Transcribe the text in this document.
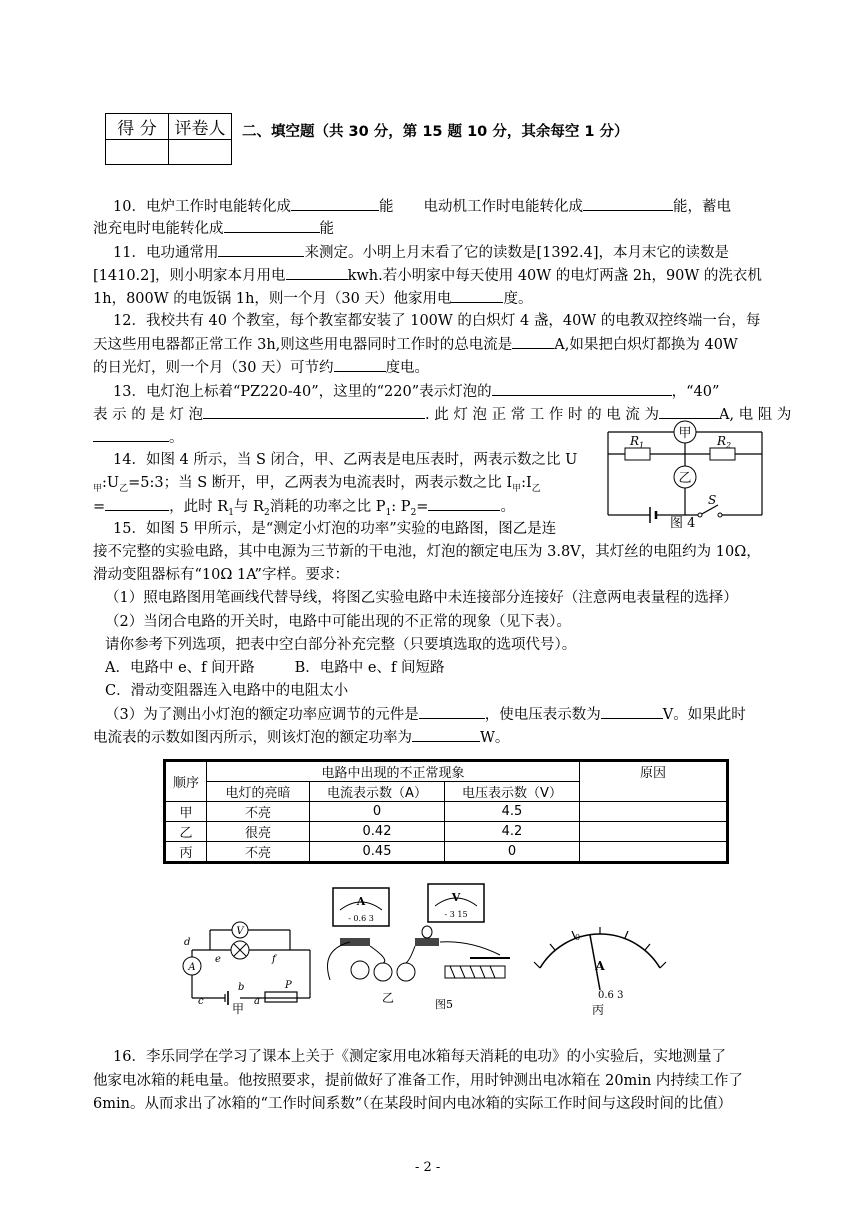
得 分	评卷人
	二、填空题（共 30 分，第 15 题 10 分，其余每空 1 分）
10．电炉工作时电能转化成	能 电动机工作时电能转化成	能，蓄电
池充电时电能转化成	能
11．电功通常用	来测定。小明上月末看了它的读数是[1392.4]，本月末它的读数是
[1410.2]，则小明家本月用电	kwh.若小明家中每天使用 40W 的电灯两盏 2h，90W 的洗衣机
1h，800W 的电饭锅 1h，则一个月（30 天）他家用电	度。
12．我校共有 40 个教室，每个教室都安装了 100W 的白炽灯 4 盏，40W 的电教双控终端一台，每
天这些用电器都正常工作 3h,则这些用电器同时工作时的总电流是	A,如果把白炽灯都换为 40W
的日光灯，则一个月（30 天）可节约	度电。
13．电灯泡上标着“PZ220-40”，这里的“220”表示灯泡的	，“40”
表 示 的 是 灯 泡	. 此 灯 泡 正 常 工 作 时 的 电 流 为	A, 电 阻 为
。
14．如图 4 所示，当 S 闭合，甲、乙两表是电压表时，两表示数之比 U
$_甲:U_乙=5:3$；当 S 断开，甲，乙两表为电流表时，两表示数之比 $I_甲:I_乙$
=	，此时 $R_1$与 $R_2$消耗的功率之比 $P_1$: $P_2=$	。
甲
乙
$R_1$	$R_2$
S
图 4
15．如图 5 甲所示，是“测定小灯泡的功率”实验的电路图，图乙是连
接不完整的实验电路，其中电源为三节新的干电池，灯泡的额定电压为 3.8V，其灯丝的电阻约为 10Ω，
滑动变阻器标有“10Ω 1A”字样。要求：
（1）照电路图用笔画线代替导线，将图乙实验电路中未连接部分连接好（注意两电表量程的选择）
（2）当闭合电路的开关时，电路中可能出现的不正常的现象（见下表）。
请你参考下列选项，把表中空白部分补充完整（只要填选取的选项代号）。
A．电路中 e、f 间开路	B．电路中 e、f 间短路
C．滑动变阻器连入电路中的电阻太小
（3）为了测出小灯泡的额定功率应调节的元件是	，使电压表示数为	V。如果此时
电流表的示数如图丙所示，则该灯泡的额定功率为	W。
顺序	电路中出现的不正常现象			原因
	电灯的亮暗	电流表示数（A）	电压表示数（V）	
甲	不亮	0	4.5	
乙	很亮	0.42	4.2	
丙	不亮	0.45	0	
A
V
d
e	f
b
a
c
P
甲
A
- 0.6 3
V
- 3 15
乙	图5
A
0
0.6 3
丙
16．李乐同学在学习了课本上关于《测定家用电冰箱每天消耗的电功》的小实验后，实地测量了
他家电冰箱的耗电量。他按照要求，提前做好了准备工作，用时钟测出电冰箱在 20min 内持续工作了
6min。从而求出了冰箱的“工作时间系数”（在某段时间内电冰箱的实际工作时间与这段时间的比值）
- 2 -
